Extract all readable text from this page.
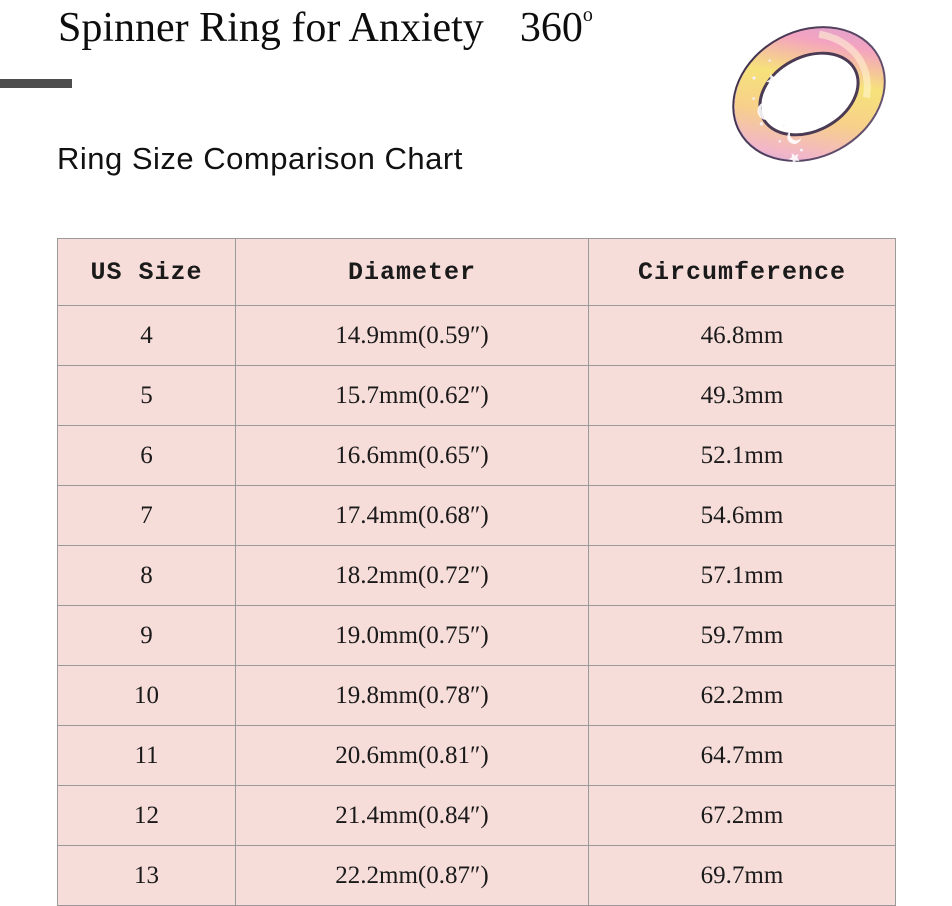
Spinner Ring for Anxiety 360 o
Ring Size Comparison Chart
US Size	Diameter	Circumference
4	14.9mm(0.59″)	46.8mm
5	15.7mm(0.62″)	49.3mm
6	16.6mm(0.65″)	52.1mm
7	17.4mm(0.68″)	54.6mm
8	18.2mm(0.72″)	57.1mm
9	19.0mm(0.75″)	59.7mm
10	19.8mm(0.78″)	62.2mm
11	20.6mm(0.81″)	64.7mm
12	21.4mm(0.84″)	67.2mm
13	22.2mm(0.87″)	69.7mm
